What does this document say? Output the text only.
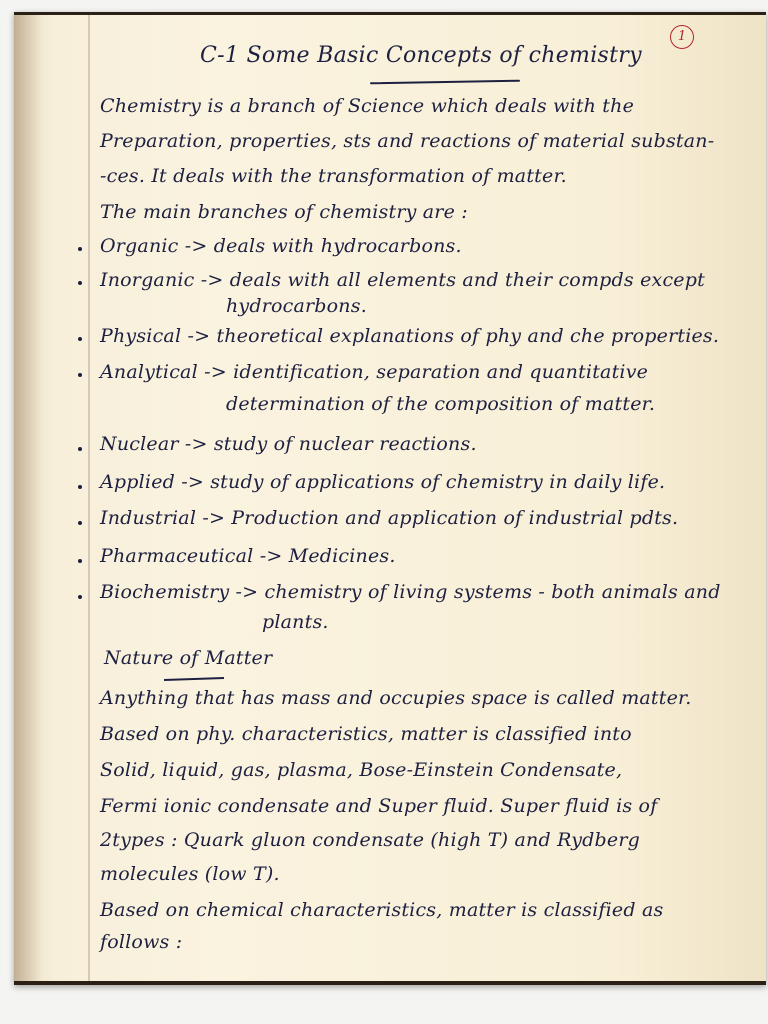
1
C-1 Some Basic Concepts of chemistry
Chemistry is a branch of Science which deals with the
Preparation, properties, sts and reactions of material substan-
-ces. It deals with the transformation of matter.
The main branches of chemistry are :
Organic -> deals with hydrocarbons.
Inorganic -> deals with all elements and their compds except
hydrocarbons.
Physical -> theoretical explanations of phy and che properties.
Analytical -> identification, separation and quantitative
determination of the composition of matter.
Nuclear -> study of nuclear reactions.
Applied -> study of applications of chemistry in daily life.
Industrial -> Production and application of industrial pdts.
Pharmaceutical -> Medicines.
Biochemistry -> chemistry of living systems - both animals and
plants.
Nature of Matter
Anything that has mass and occupies space is called matter.
Based on phy. characteristics, matter is classified into
Solid, liquid, gas, plasma, Bose-Einstein Condensate,
Fermi ionic condensate and Super fluid. Super fluid is of
2types : Quark gluon condensate (high T) and Rydberg
molecules (low T).
Based on chemical characteristics, matter is classified as
follows :
